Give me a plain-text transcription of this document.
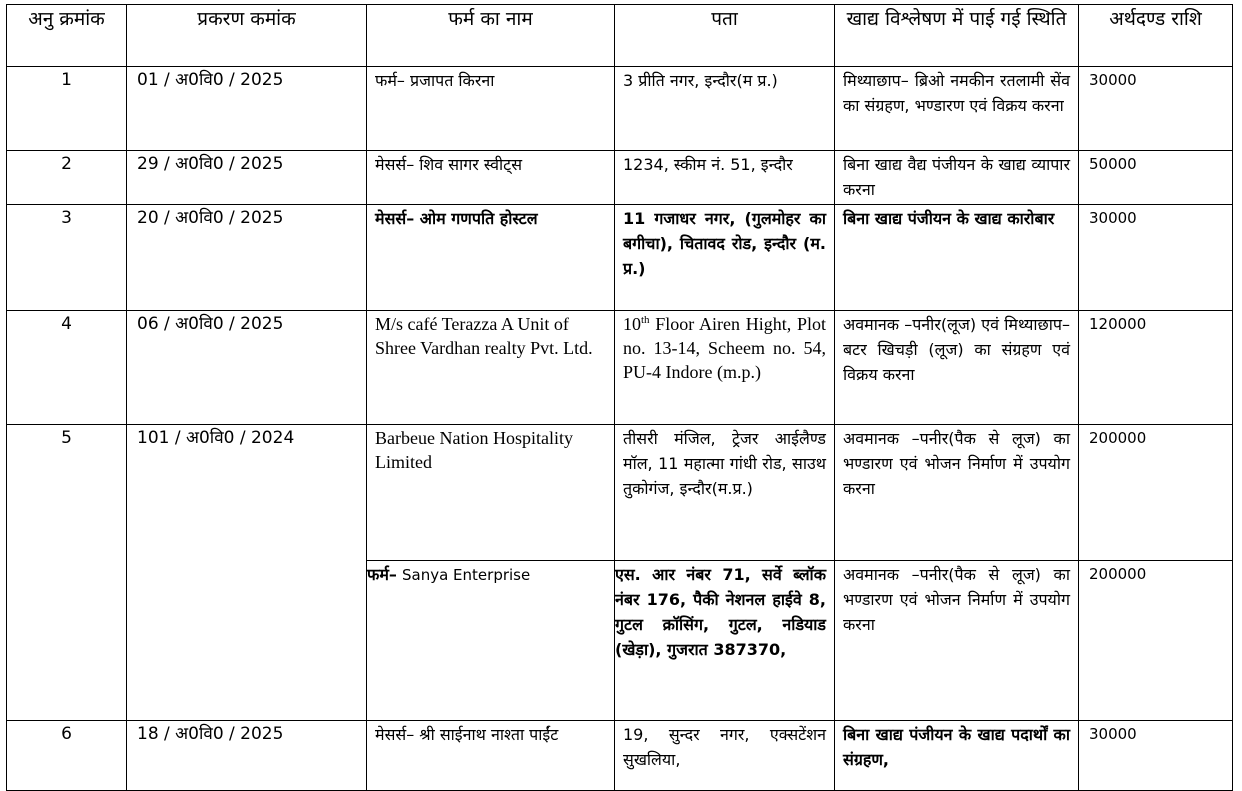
अनु क्रमांक	प्रकरण कमांक	फर्म का नाम	पता	खाद्य विश्लेषण में पाई गई स्थिति	अर्थदण्ड राशि
1	01 / अ0वि0 / 2025	फर्म– प्रजापत किरना	3 प्रीति नगर, इन्दौर(म प्र.)	मिथ्याछाप– ब्रिओ नमकीन रतलामी सेंव का संग्रहण, भण्डारण एवं विक्रय करना	30000
2	29 / अ0वि0 / 2025	मेसर्स– शिव सागर स्वीट्स	1234, स्कीम नं. 51, इन्दौर	बिना खाद्य वैद्य पंजीयन के खाद्य व्यापार करना	50000
3	20 / अ0वि0 / 2025	मेसर्स– ओम गणपति होस्टल	11 गजाधर नगर, (गुलमोहर का बगीचा), चितावद रोड, इन्दौर (म. प्र.)	बिना खाद्य पंजीयन के खाद्य कारोबार	30000
4	06 / अ0वि0 / 2025	M/s café Terazza A Unit of Shree Vardhan realty Pvt. Ltd.	10th Floor Airen Hight, Plot no. 13-14, Scheem no. 54, PU-4 Indore (m.p.)	अवमानक –पनीर(लूज) एवं मिथ्याछाप– बटर खिचड़ी (लूज) का संग्रहण एवं विक्रय करना	120000
5	101 / अ0वि0 / 2024	Barbeue Nation Hospitality Limited	तीसरी मंजिल, ट्रेजर आईलैण्ड मॉल, 11 महात्मा गांधी रोड, साउथ तुकोगंज, इन्दौर(म.प्र.)	अवमानक –पनीर(पैक से लूज) का भण्डारण एवं भोजन निर्माण में उपयोग करना	200000
		फर्म– Sanya Enterprise	एस. आर नंबर 71, सर्वे ब्लॉक नंबर 176, पैकी नेशनल हाईवे 8, गुटल क्रॉसिंग, गुटल, नडियाड (खेड़ा), गुजरात 387370,	अवमानक –पनीर(पैक से लूज) का भण्डारण एवं भोजन निर्माण में उपयोग करना	200000
6	18 / अ0वि0 / 2025	मेसर्स– श्री साईनाथ नाश्ता पाईंट	19, सुन्दर नगर, एक्सटेंशन सुखलिया,	बिना खाद्य पंजीयन के खाद्य पदार्थों का संग्रहण,	30000
